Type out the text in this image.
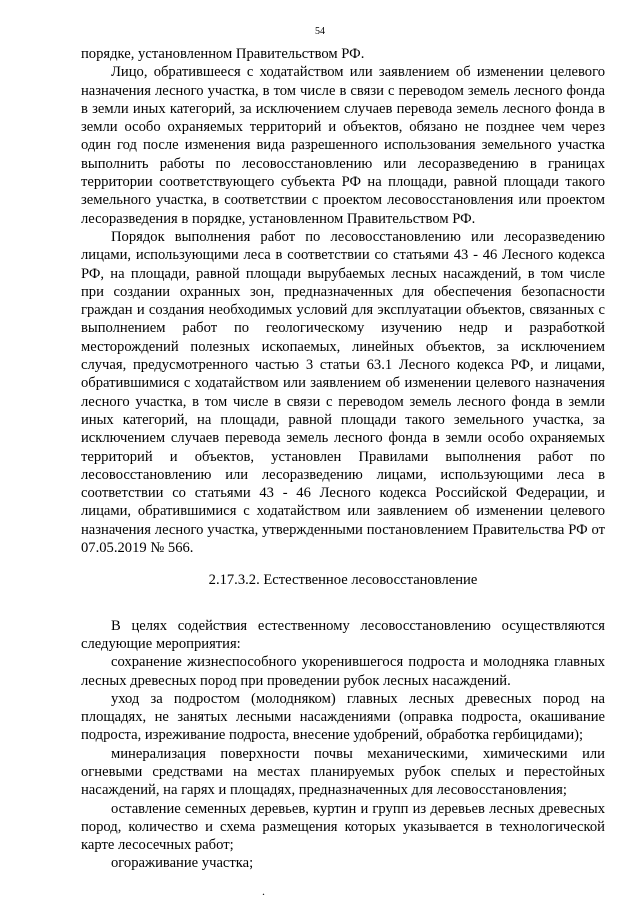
54

порядке, установленном Правительством РФ.

Лицо, обратившееся с ходатайством или заявлением об изменении целевого назначения лесного участка, в том числе в связи с переводом земель лесного фонда в земли иных категорий, за исключением случаев перевода земель лесного фонда в земли особо охраняемых территорий и объектов, обязано не позднее чем через один год после изменения вида разрешенного использования земельного участка выполнить работы по лесовосстановлению или лесоразведению в границах территории соответствующего субъекта РФ на площади, равной площади такого земельного участка, в соответствии с проектом лесовосстановления или проектом лесоразведения в порядке, установленном Правительством РФ.

Порядок выполнения работ по лесовосстановлению или лесоразведению лицами, использующими леса в соответствии со статьями 43 - 46 Лесного кодекса РФ, на площади, равной площади вырубаемых лесных насаждений, в том числе при создании охранных зон, предназначенных для обеспечения безопасности граждан и создания необходимых условий для эксплуатации объектов, связанных с выполнением работ по геологическому изучению недр и разработкой месторождений полезных ископаемых, линейных объектов, за исключением случая, предусмотренного частью 3 статьи 63.1 Лесного кодекса РФ, и лицами, обратившимися с ходатайством или заявлением об изменении целевого назначения лесного участка, в том числе в связи с переводом земель лесного фонда в земли иных категорий, на площади, равной площади такого земельного участка, за исключением случаев перевода земель лесного фонда в земли особо охраняемых территорий и объектов, установлен Правилами выполнения работ по лесовосстановлению или лесоразведению лицами, использующими леса в соответствии со статьями 43 - 46 Лесного кодекса Российской Федерации, и лицами, обратившимися с ходатайством или заявлением об изменении целевого назначения лесного участка, утвержденными постановлением Правительства РФ от 07.05.2019 № 566.

2.17.3.2. Естественное лесовосстановление

В целях содействия естественному лесовосстановлению осуществляются следующие мероприятия:

сохранение жизнеспособного укоренившегося подроста и молодняка главных лесных древесных пород при проведении рубок лесных насаждений.

уход за подростом (молодняком) главных лесных древесных пород на площадях, не занятых лесными насаждениями (оправка подроста, окашивание подроста, изреживание подроста, внесение удобрений, обработка гербицидами);

минерализация поверхности почвы механическими, химическими или огневыми средствами на местах планируемых рубок спелых и перестойных насаждений, на гарях и площадях, предназначенных для лесовосстановления;

оставление семенных деревьев, куртин и групп из деревьев лесных древесных пород, количество и схема размещения которых указывается в технологической карте лесосечных работ;

огораживание участка;

.
